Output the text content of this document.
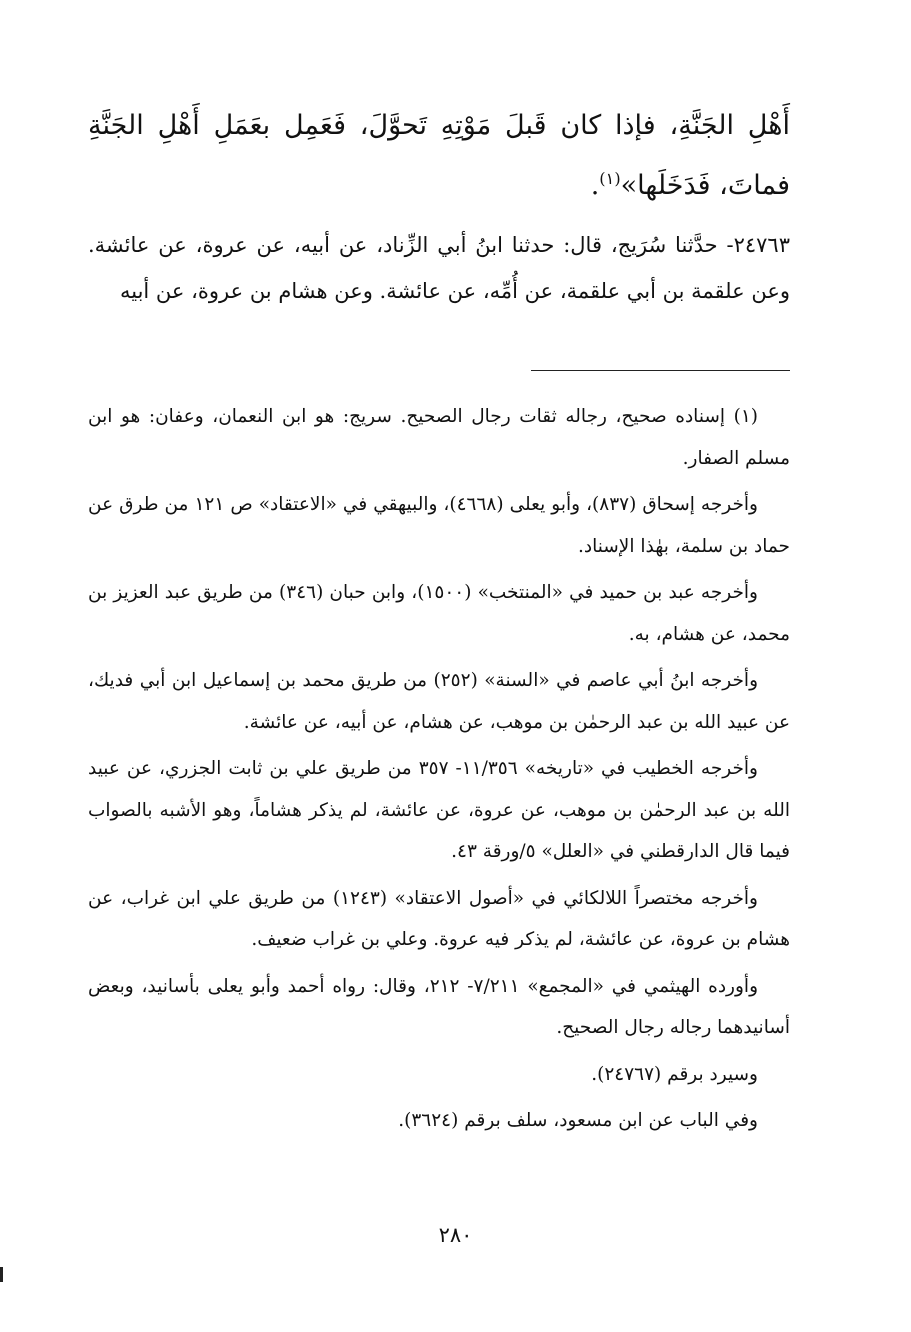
أَهْلِ الجَنَّةِ، فإذا كان قَبلَ مَوْتِهِ تَحوَّلَ، فَعَمِل بعَمَلِ أَهْلِ الجَنَّةِ فماتَ، فَدَخَلَها»$^{(١)}$.
٢٤٧٦٣- حدَّثنا سُرَيج، قال: حدثنا ابنُ أبي الزِّناد، عن أبيه، عن عروة، عن عائشة. وعن علقمة بن أبي علقمة، عن أُمِّه، عن عائشة. وعن هشام بن عروة، عن أبيه

(١) إسناده صحيح، رجاله ثقات رجال الصحيح. سريج: هو ابن النعمان، وعفان: هو ابن مسلم الصفار.

وأخرجه إسحاق (٨٣٧)، وأبو يعلى (٤٦٦٨)، والبيهقي في «الاعتقاد» ص ١٢١ من طرق عن حماد بن سلمة، بهٰذا الإسناد.

وأخرجه عبد بن حميد في «المنتخب» (١٥٠٠)، وابن حبان (٣٤٦) من طريق عبد العزيز بن محمد، عن هشام، به.

وأخرجه ابنُ أبي عاصم في «السنة» (٢٥٢) من طريق محمد بن إسماعيل ابن أبي فديك، عن عبيد الله بن عبد الرحمٰن بن موهب، عن هشام، عن أبيه، عن عائشة.

وأخرجه الخطيب في «تاريخه» ١١/٣٥٦- ٣٥٧ من طريق علي بن ثابت الجزري، عن عبيد الله بن عبد الرحمٰن بن موهب، عن عروة، عن عائشة، لم يذكر هشاماً، وهو الأشبه بالصواب فيما قال الدارقطني في «العلل» ٥/ورقة ٤٣.

وأخرجه مختصراً اللالكائي في «أصول الاعتقاد» (١٢٤٣) من طريق علي ابن غراب، عن هشام بن عروة، عن عائشة، لم يذكر فيه عروة. وعلي بن غراب ضعيف.

وأورده الهيثمي في «المجمع» ٧/٢١١- ٢١٢، وقال: رواه أحمد وأبو يعلى بأسانيد، وبعض أسانيدهما رجاله رجال الصحيح.

وسيرد برقم (٢٤٧٦٧).

وفي الباب عن ابن مسعود، سلف برقم (٣٦٢٤).

٢٨٠
